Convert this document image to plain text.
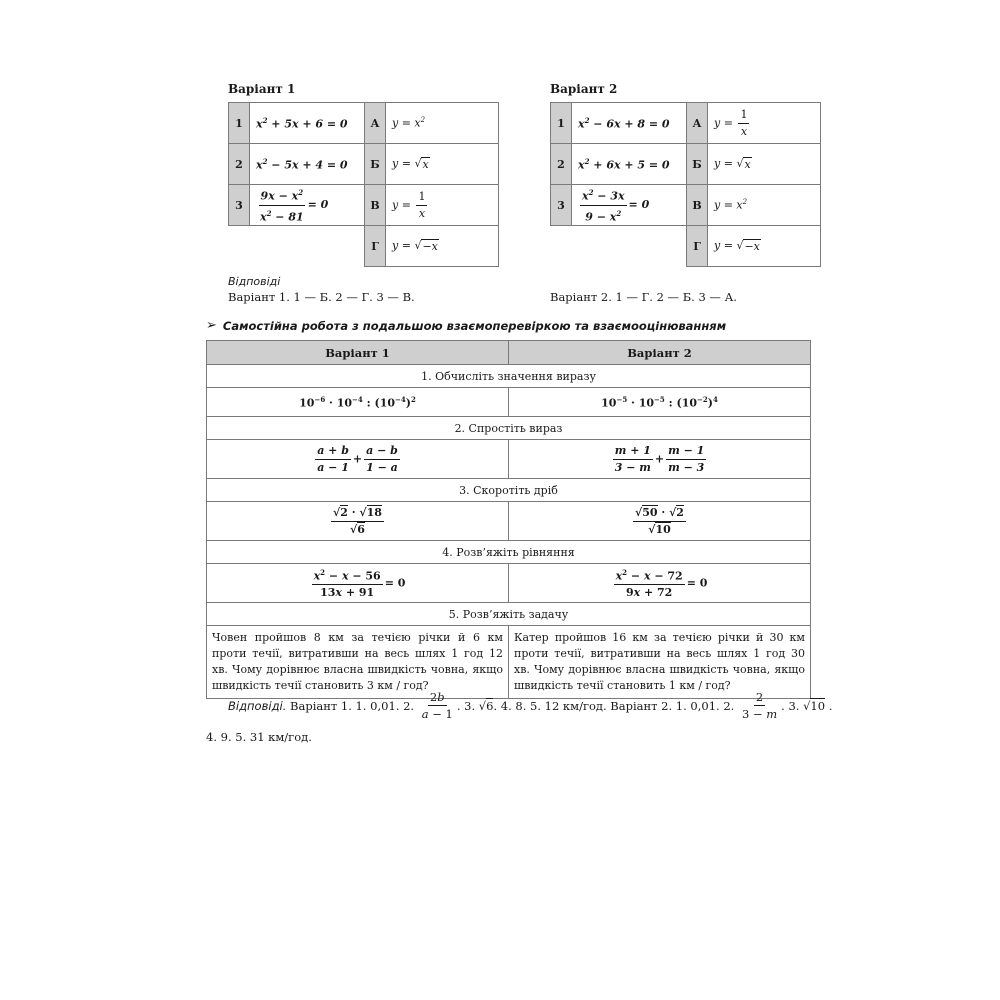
Варіант 1
1	$x^2 + 5x + 6 = 0$	А	$y = x^2$
2	$x^2 - 5x + 4 = 0$	Б	y = √ x

3	$\frac{9x - x^2}{x^2 - 81} = 0$	В	$y = \frac{1}{x}$

		Г	y = √ −x
Варіант 2
1	$x^2 - 6x + 8 = 0$	А	$y = \frac{1}{x}$

2	$x^2 + 6x + 5 = 0$	Б	y = √ x

3	$\frac{x^2 - 3x}{9 - x^2} = 0$	В	$y = x^2$
		Г	y = √ −x
Відповіді
Варіант 1. 1 — Б. 2 — Г. 3 — В.	Варіант 2. 1 — Г. 2 — Б. 3 — А.
➢ Самостійна робота з подальшою взаємоперевіркою та взаємооцінюванням
Варіант 1	Варіант 2
1. Обчисліть значення виразу	
$10^{-6} \cdot 10^{-4}$ : $(10^{-4})^2$	$10^{-5} \cdot 10^{-5}$ : $(10^{-2})^4$
2. Спростіть вираз	

$\frac{a + b}{a - 1} + \frac{a - b}{1 - a}$	$\frac{m + 1}{3 - m} + \frac{m - 1}{m - 3}$

3. Скоротіть дріб	

$\frac{√2 \cdot √18}{√6}$	$\frac{√50 \cdot √2}{√10}$

4. Розв’яжіть рівняння	

$\frac{x^2 - x - 56}{13x + 91} = 0$	$\frac{x^2 - x - 72}{9x + 72} = 0$
5. Розв’яжіть задачу	
Човен пройшов 8 км за течією річки й 6 км проти течії, витративши на весь шлях 1 год 12 хв. Чому дорівнює власна швидкість човна, якщо швидкість течії становить 3 км / год?	Катер пройшов 16 км за течією річки й 30 км проти течії, витративши на весь шлях 1 год 30 хв. Чому дорівнює власна швидкість човна, якщо швидкість течії становить 1 км / год?
Відповіді. Варіант 1. 1. 0,01. 2. $\frac{2b}{a - 1}$ . 3. √6 . 4. 8. 5. 12 км/год. Варіант 2. 1. 0,01. 2. $\frac{2}{3 - m}$ . 3. √10 .
4. 9. 5. 31 км/год.
